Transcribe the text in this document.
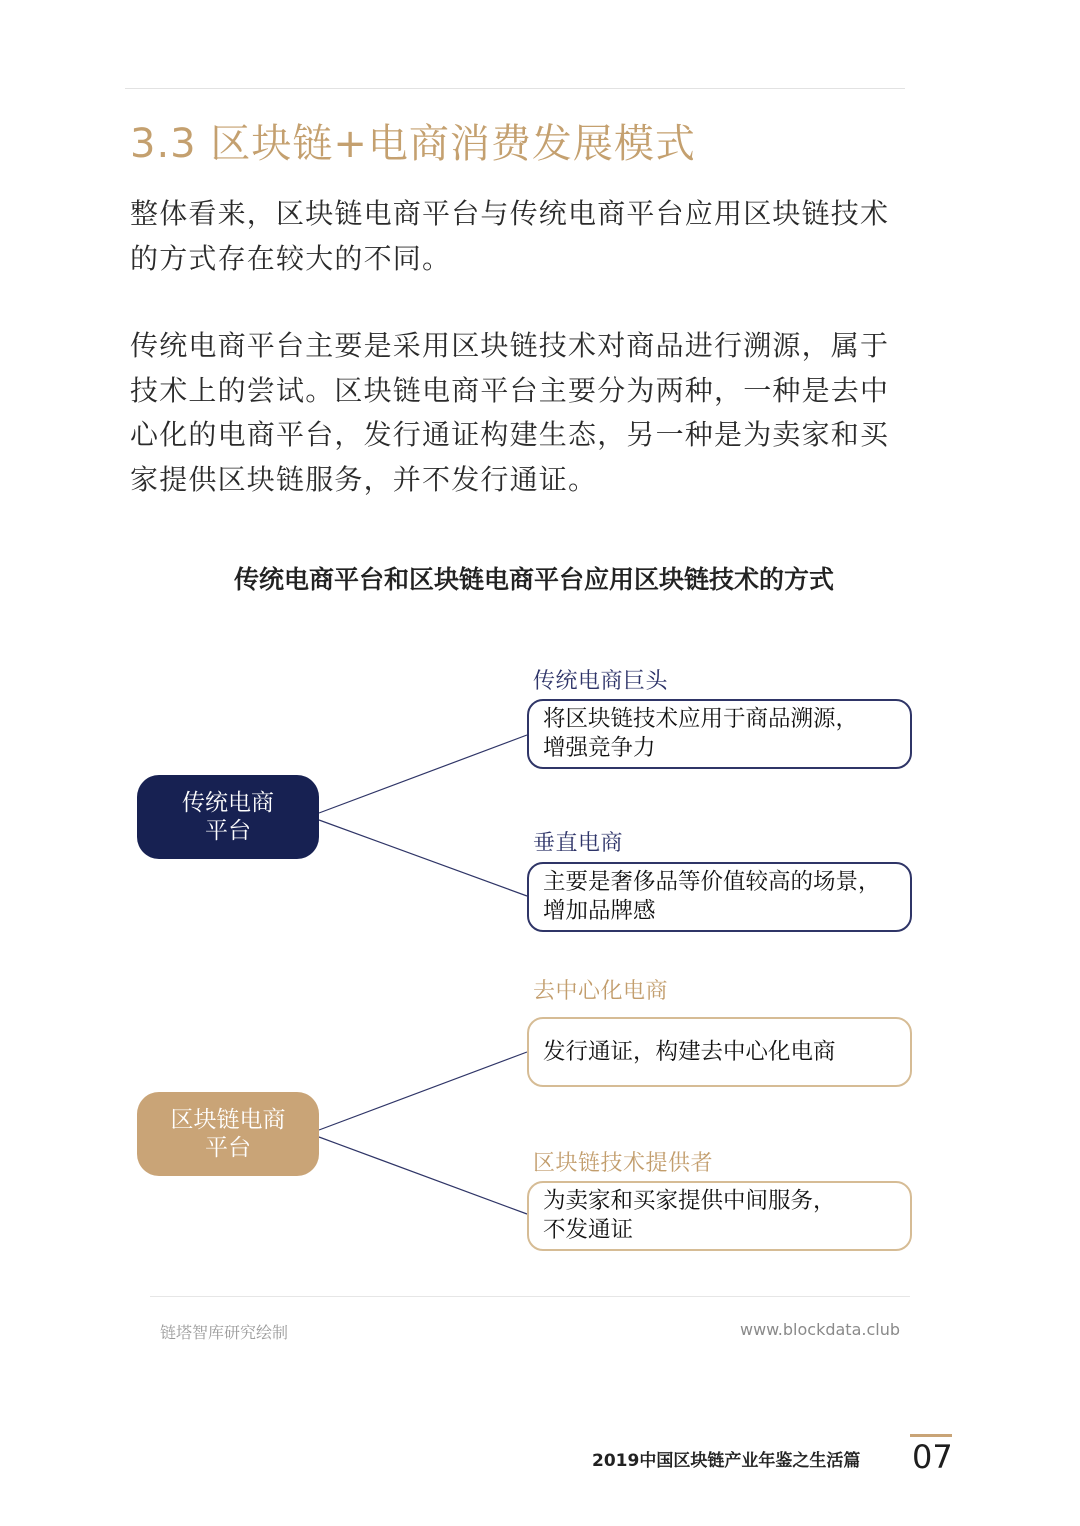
3.3 区块链+电商消费发展模式
整体看来，区块链电商平台与传统电商平台应用区块链技术
的方式存在较大的不同。
传统电商平台主要是采用区块链技术对商品进行溯源，属于
技术上的尝试。区块链电商平台主要分为两种，一种是去中
心化的电商平台，发行通证构建生态，另一种是为卖家和买
家提供区块链服务，并不发行通证。
传统电商平台和区块链电商平台应用区块链技术的方式
传统电商
平台
区块链电商
平台
传统电商巨头
将区块链技术应用于商品溯源，
增强竞争力
垂直电商
主要是奢侈品等价值较高的场景，
增加品牌感
去中心化电商
发行通证，构建去中心化电商
区块链技术提供者
为卖家和买家提供中间服务，
不发通证
链塔智库研究绘制	www.blockdata.club
2019中国区块链产业年鉴之生活篇 07
